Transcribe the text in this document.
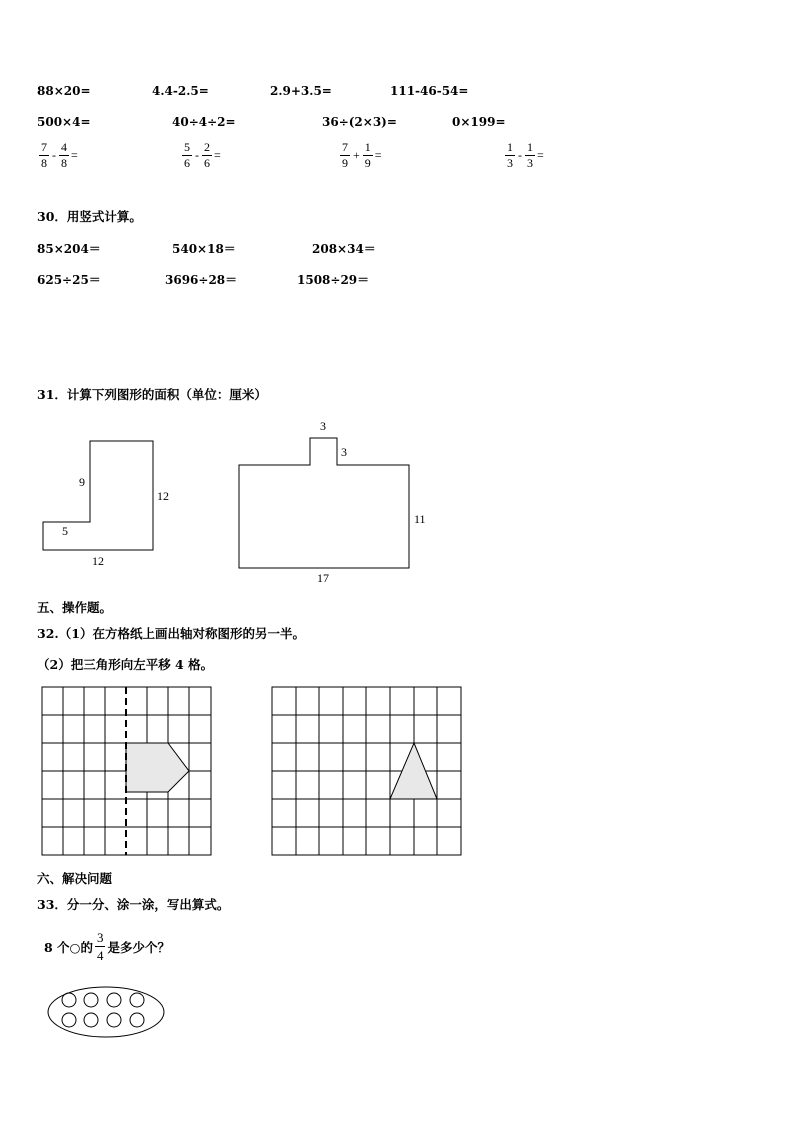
88×20=	4.4-2.5=	2.9+3.5=	111-46-54=
500×4=	40÷4÷2=	36÷(2×3)=	0×199=
$\frac{7}{8} - \frac{4}{8}$ =	$\frac{5}{6} - \frac{2}{6}$ =	$\frac{7}{9} + \frac{1}{9}$ =	$\frac{1}{3} - \frac{1}{3}$ =
30．用竖式计算。
85×204＝	540×18＝	208×34＝
625÷25＝	3696÷28＝	1508÷29＝
31．计算下列图形的面积（单位：厘米）
9
12
5
12
3
3
11
17
五、操作题。
32.（1）在方格纸上画出轴对称图形的另一半。
（2）把三角形向左平移 4 格。
六、解决问题
33．分一分、涂一涂，写出算式。
8 个○的 $\frac{3}{4}$ 是多少个？
